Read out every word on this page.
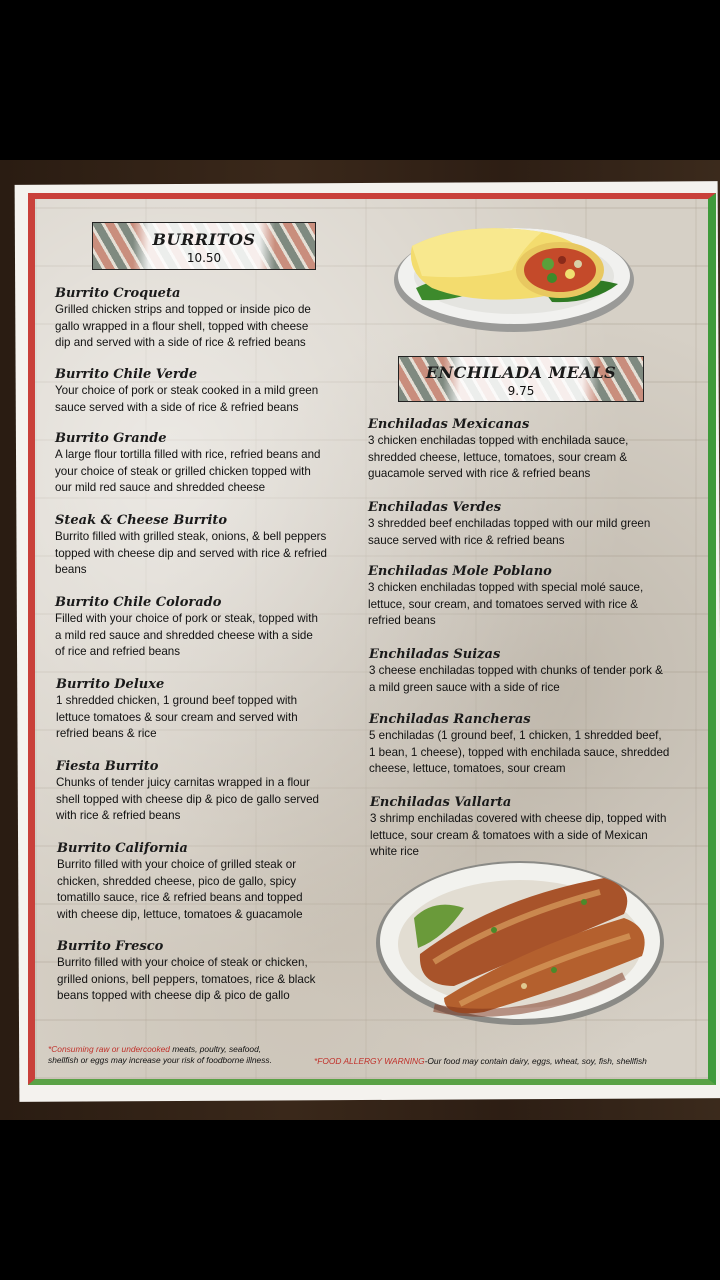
BURRITOS
10.50
ENCHILADA MEALS
9.75
Burrito Croqueta
Grilled chicken strips and topped or inside pico de
gallo wrapped in a flour shell, topped with cheese
dip and served with a side of rice & refried beans
Burrito Chile Verde
Your choice of pork or steak cooked in a mild green
sauce served with a side of rice & refried beans
Burrito Grande
A large flour tortilla filled with rice, refried beans and
your choice of steak or grilled chicken topped with
our mild red sauce and shredded cheese
Steak & Cheese Burrito
Burrito filled with grilled steak, onions, & bell peppers
topped with cheese dip and served with rice & refried
beans
Burrito Chile Colorado
Filled with your choice of pork or steak, topped with
a mild red sauce and shredded cheese with a side
of rice and refried beans
Burrito Deluxe
1 shredded chicken, 1 ground beef topped with
lettuce tomatoes & sour cream and served with
refried beans & rice
Fiesta Burrito
Chunks of tender juicy carnitas wrapped in a flour
shell topped with cheese dip & pico de gallo served
with rice & refried beans
Burrito California
Burrito filled with your choice of grilled steak or
chicken, shredded cheese, pico de gallo, spicy
tomatillo sauce, rice & refried beans and topped
with cheese dip, lettuce, tomatoes & guacamole
Burrito Fresco
Burrito filled with your choice of steak or chicken,
grilled onions, bell peppers, tomatoes, rice & black
beans topped with cheese dip & pico de gallo
Enchiladas Mexicanas
3 chicken enchiladas topped with enchilada sauce,
shredded cheese, lettuce, tomatoes, sour cream &
guacamole served with rice & refried beans
Enchiladas Verdes
3 shredded beef enchiladas topped with our mild green
sauce served with rice & refried beans
Enchiladas Mole Poblano
3 chicken enchiladas topped with special molé sauce,
lettuce, sour cream, and tomatoes served with rice &
refried beans
Enchiladas Suizas
3 cheese enchiladas topped with chunks of tender pork &
a mild green sauce with a side of rice
Enchiladas Rancheras
5 enchiladas (1 ground beef, 1 chicken, 1 shredded beef,
1 bean, 1 cheese), topped with enchilada sauce, shredded
cheese, lettuce, tomatoes, sour cream
Enchiladas Vallarta
3 shrimp enchiladas covered with cheese dip, topped with
lettuce, sour cream & tomatoes with a side of Mexican
white rice
*Consuming raw or undercooked meats, poultry, seafood,
shellfish or eggs may increase your risk of foodborne illness.	*FOOD ALLERGY WARNING-Our food may contain dairy, eggs, wheat, soy, fish, shellfish
